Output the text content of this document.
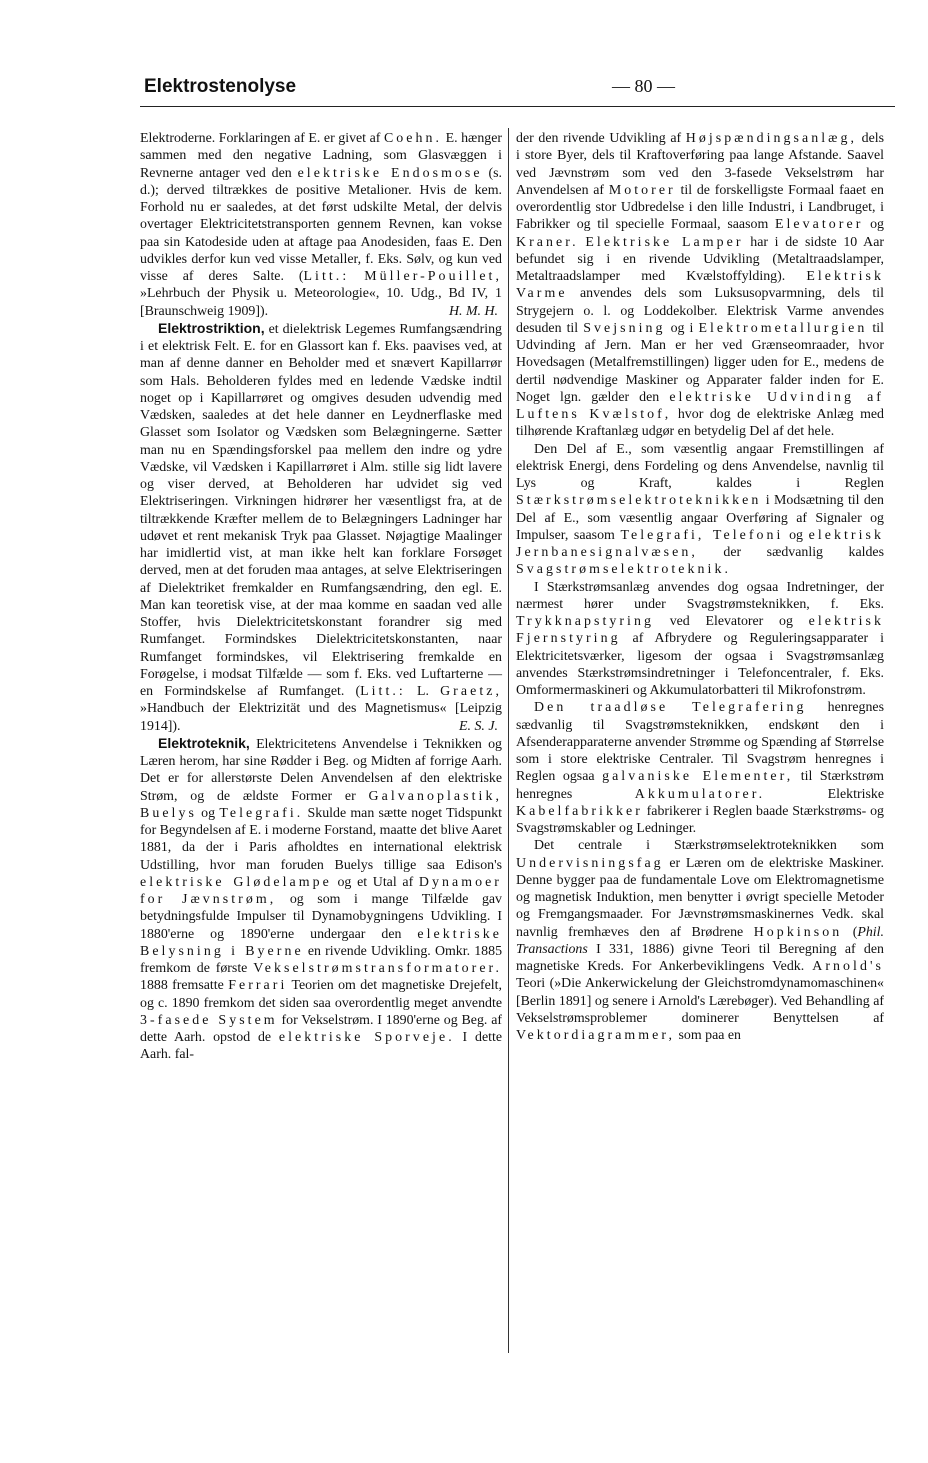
Elektrostenolyse	— 80 —

Elektroderne. Forklaringen af E. er givet af Coehn. E. hænger sammen med den negative Ladning, som Glasvæggen i Revnerne antager ved den elektriske Endosmose (s. d.); derved tiltrækkes de positive Metalioner. Hvis de kem. Forhold nu er saaledes, at det først udskilte Metal, der delvis overtager Elektricitetstransporten gennem Revnen, kan vokse paa sin Katodeside uden at aftage paa Anodesiden, faas E. Den udvikles derfor kun ved visse Metaller, f. Eks. Sølv, og kun ved visse af deres Salte. (Litt.: Müller-Pouillet, »Lehrbuch der Physik u. Meteorologie«, 10. Udg., Bd IV, 1 [Braunschweig 1909]).	H. M. H.

Elektrostriktion, et dielektrisk Legemes Rumfangsændring i et elektrisk Felt. E. for en Glassort kan f. Eks. paavises ved, at man af denne danner en Beholder med et snævert Kapillarrør som Hals. Beholderen fyldes med en ledende Vædske indtil noget op i Kapillarrøret og omgives desuden udvendig med Vædsken, saaledes at det hele danner en Leydnerflaske med Glasset som Isolator og Vædsken som Belægningerne. Sætter man nu en Spændingsforskel paa mellem den indre og ydre Vædske, vil Vædsken i Kapillarrøret i Alm. stille sig lidt lavere og viser derved, at Beholderen har udvidet sig ved Elektriseringen. Virkningen hidrører her væsentligst fra, at de tiltrækkende Kræfter mellem de to Belægningers Ladninger har udøvet et rent mekanisk Tryk paa Glasset. Nøjagtige Maalinger har imidlertid vist, at man ikke helt kan forklare Forsøget derved, men at det foruden maa antages, at selve Elektriseringen af Dielektriket fremkalder en Rumfangsændring, den egl. E. Man kan teoretisk vise, at der maa komme en saadan ved alle Stoffer, hvis Dielektricitetskonstant forandrer sig med Rumfanget. Formindskes Dielektricitetskonstanten, naar Rumfanget formindskes, vil Elektrisering fremkalde en Forøgelse, i modsat Tilfælde — som f. Eks. ved Luftarterne — en Formindskelse af Rumfanget. (Litt.: L. Graetz, »Handbuch der Elektrizität und des Magnetismus« [Leipzig 1914]).	E. S. J.

Elektroteknik, Elektricitetens Anvendelse i Teknikken og Læren herom, har sine Rødder i Beg. og Midten af forrige Aarh. Det er for allerstørste Delen Anvendelsen af den elektriske Strøm, og de ældste Former er Galvanoplastik, Buelys og Telegrafi. Skulde man sætte noget Tidspunkt for Begyndelsen af E. i moderne Forstand, maatte det blive Aaret 1881, da der i Paris afholdtes en international elektrisk Udstilling, hvor man foruden Buelys tillige saa Edison's elektriske Glødelampe og et Utal af Dynamoer for Jævnstrøm, og som i mange Tilfælde gav betydningsfulde Impulser til Dynamobygningens Udvikling. I 1880'erne og 1890'erne undergaar den elektriske Belysning i Byerne en rivende Udvikling. Omkr. 1885 fremkom de første Vekselstrømstransformatorer. 1888 fremsatte Ferrari Teorien om det magnetiske Drejefelt, og c. 1890 fremkom det siden saa overordentlig meget anvendte 3-fasede System for Vekselstrøm. I 1890'erne og Beg. af dette Aarh. opstod de elektriske Sporveje. I dette Aarh. fal-

der den rivende Udvikling af Højspændingsanlæg, dels i store Byer, dels til Kraftoverføring paa lange Afstande. Saavel ved Jævnstrøm som ved den 3-fasede Vekselstrøm har Anvendelsen af Motorer til de forskelligste Formaal faaet en overordentlig stor Udbredelse i den lille Industri, i Landbruget, i Fabrikker og til specielle Formaal, saasom Elevatorer og Kraner. Elektriske Lamper har i de sidste 10 Aar befundet sig i en rivende Udvikling (Metaltraadslamper, Metaltraadslamper med Kvælstoffylding). Elektrisk Varme anvendes dels som Luksusopvarmning, dels til Strygejern o. l. og Loddekolber. Elektrisk Varme anvendes desuden til Svejsning og i Elektrometallurgien til Udvinding af Jern. Man er her ved Grænseomraader, hvor Hovedsagen (Metalfremstillingen) ligger uden for E., medens de dertil nødvendige Maskiner og Apparater falder inden for E. Noget lgn. gælder den elektriske Udvinding af Luftens Kvælstof, hvor dog de elektriske Anlæg med tilhørende Kraftanlæg udgør en betydelig Del af det hele.

Den Del af E., som væsentlig angaar Fremstillingen af elektrisk Energi, dens Fordeling og dens Anvendelse, navnlig til Lys og Kraft, kaldes i Reglen Stærkstrømselektroteknikken i Modsætning til den Del af E., som væsentlig angaar Overføring af Signaler og Impulser, saasom Telegrafi, Telefoni og elektrisk Jernbanesignalvæsen, der sædvanlig kaldes Svagstrømselektroteknik.

I Stærkstrømsanlæg anvendes dog ogsaa Indretninger, der nærmest hører under Svagstrømsteknikken, f. Eks. Trykknapstyring ved Elevatorer og elektrisk Fjernstyring af Afbrydere og Reguleringsapparater i Elektricitetsværker, ligesom der ogsaa i Svagstrømsanlæg anvendes Stærkstrømsindretninger i Telefoncentraler, f. Eks. Omformermaskineri og Akkumulatorbatteri til Mikrofonstrøm.

Den traadløse Telegrafering henregnes sædvanlig til Svagstrømsteknikken, endskønt den i Afsenderapparaterne anvender Strømme og Spænding af Størrelse som i store elektriske Centraler. Til Svagstrøm henregnes i Reglen ogsaa galvaniske Elementer, til Stærkstrøm henregnes Akkumulatorer. Elektriske Kabelfabrikker fabrikerer i Reglen baade Stærkstrøms- og Svagstrømskabler og Ledninger.

Det centrale i Stærkstrømselektroteknikken som Undervisningsfag er Læren om de elektriske Maskiner. Denne bygger paa de fundamentale Love om Elektromagnetisme og magnetisk Induktion, men benytter i øvrigt specielle Metoder og Fremgangsmaader. For Jævnstrømsmaskinernes Vedk. skal navnlig fremhæves den af Brødrene Hopkinson (Phil. Transactions I 331, 1886) givne Teori til Beregning af den magnetiske Kreds. For Ankerbeviklingens Vedk. Arnold's Teori (»Die Ankerwickelung der Gleichstromdynamomaschinen« [Berlin 1891] og senere i Arnold's Lærebøger). Ved Behandling af Vekselstrømsproblemer dominerer Benyttelsen af Vektordiagrammer, som paa en
